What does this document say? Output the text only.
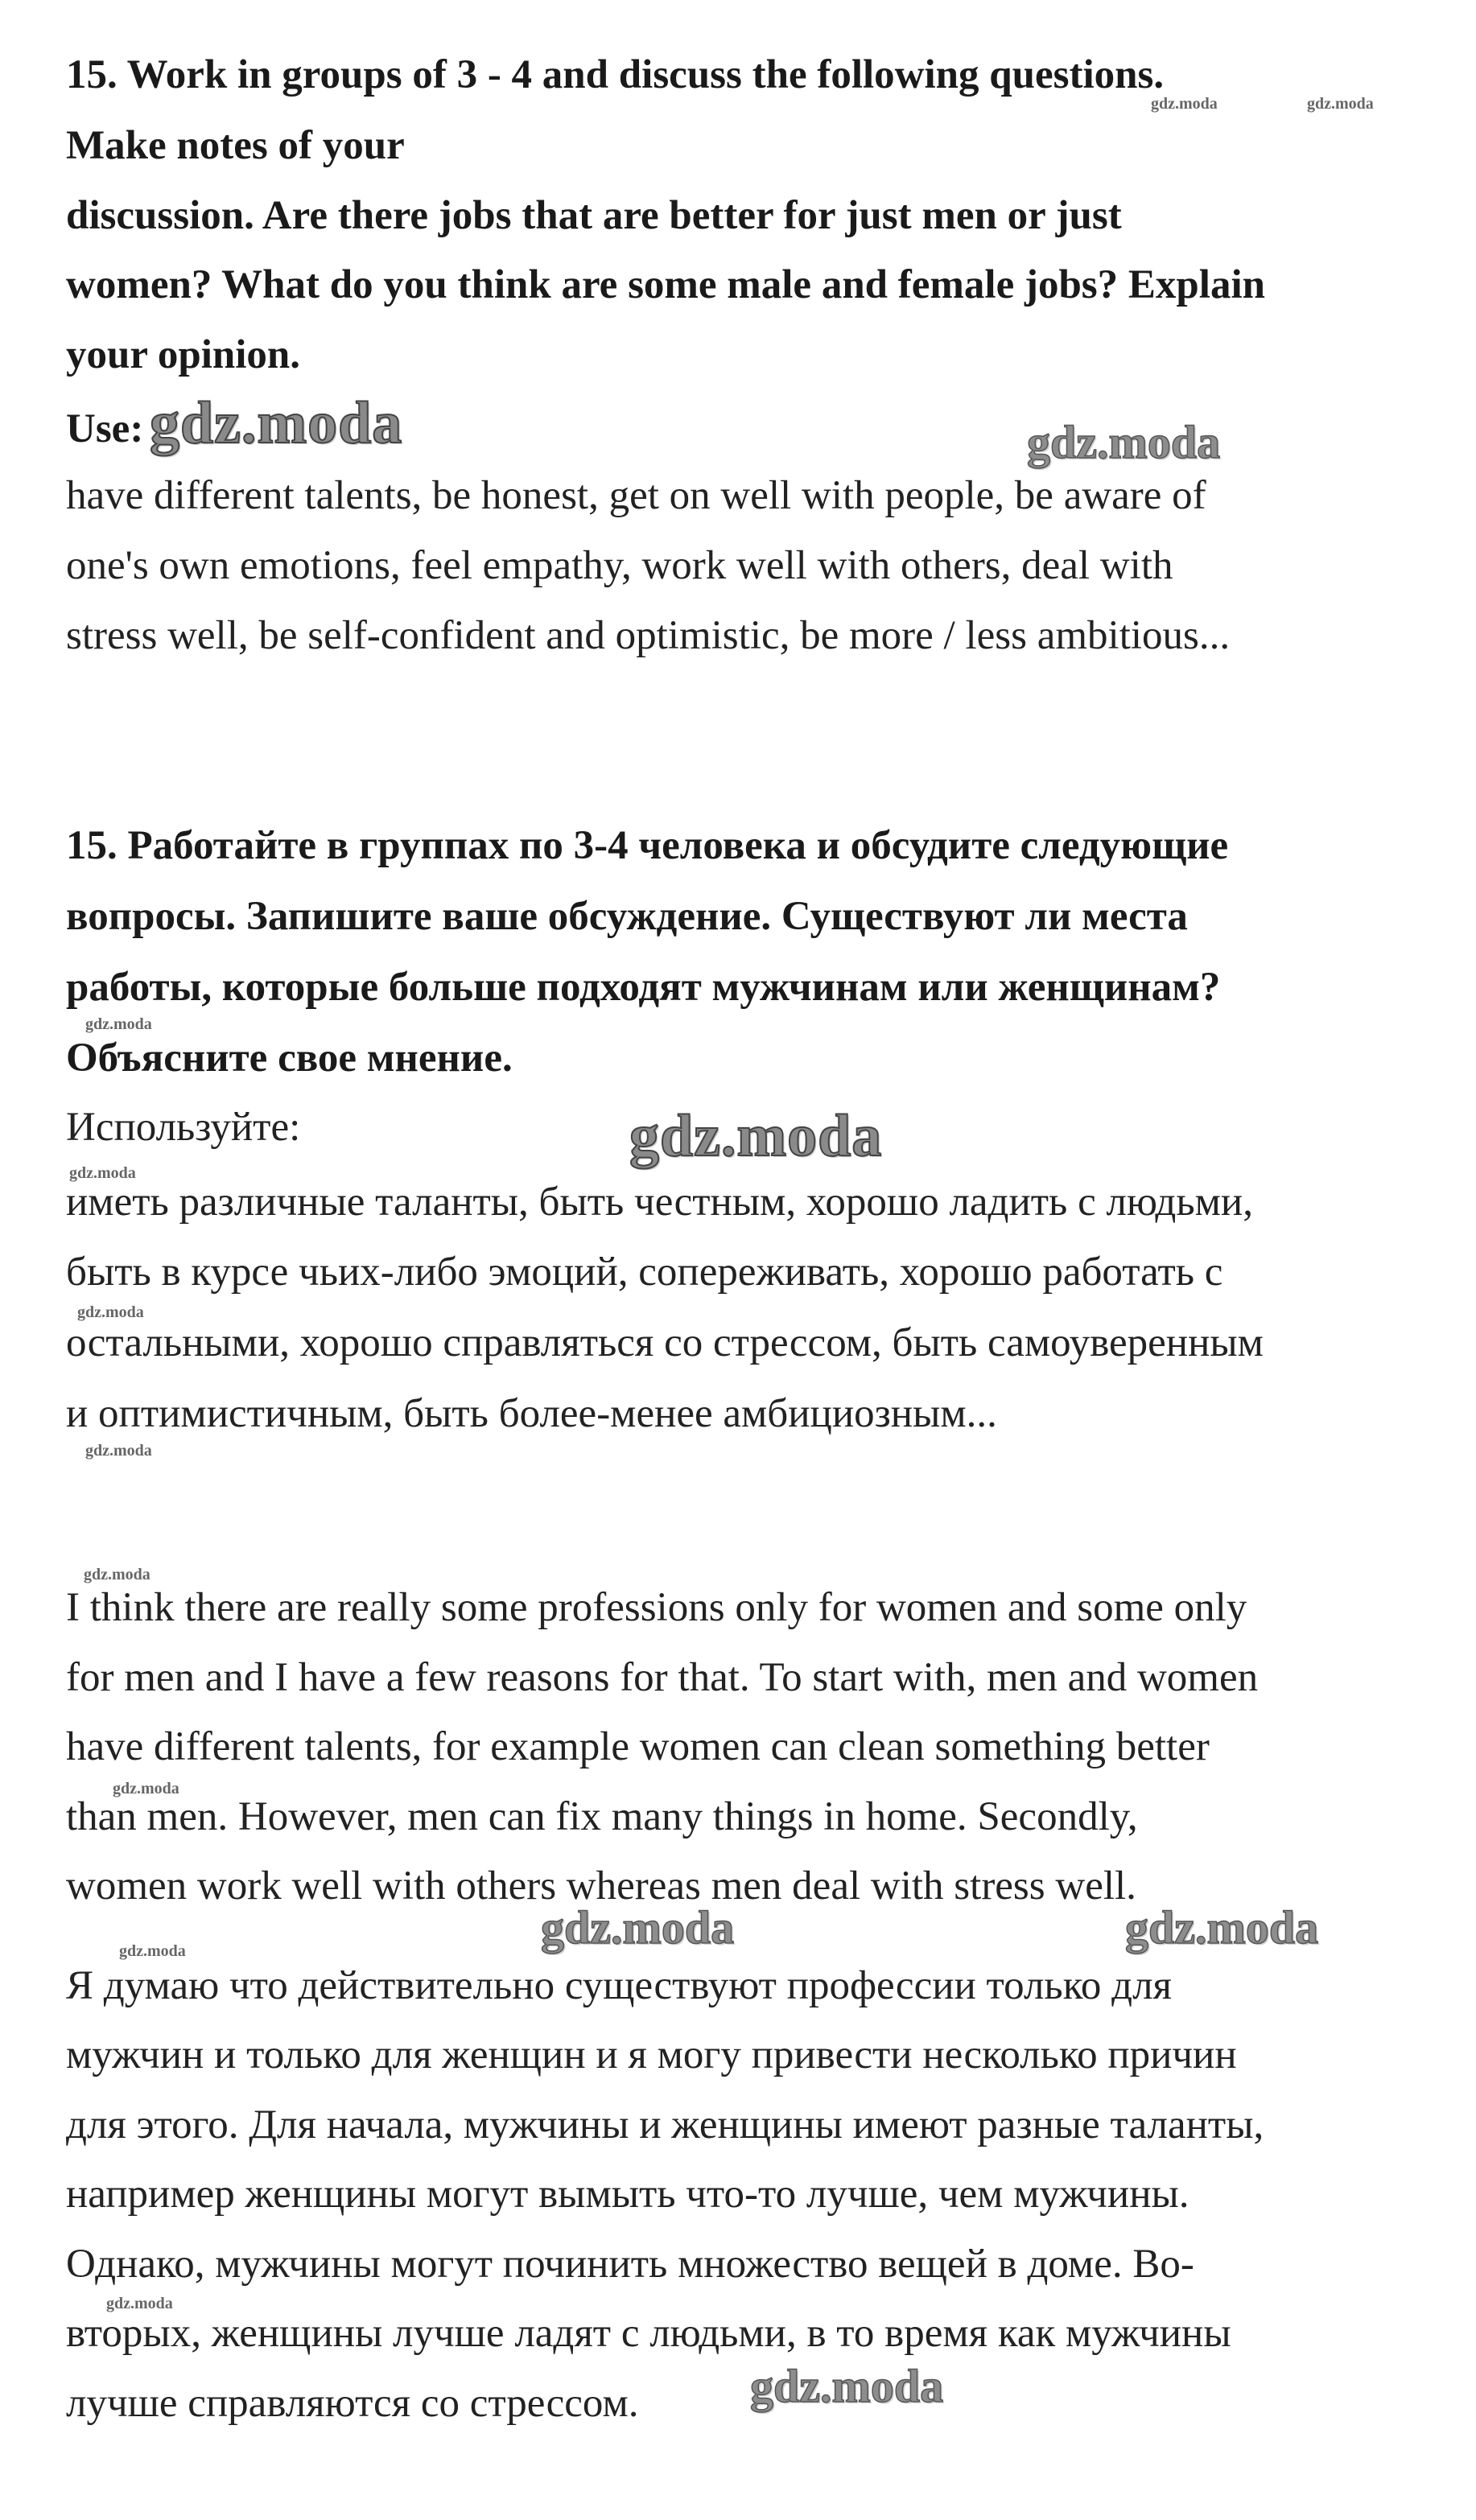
15. Work in groups of 3 - 4 and discuss the following questions.
Make notes of your
discussion. Are there jobs that are better for just men or just
women? What do you think are some male and female jobs? Explain
your opinion.
Use:
have different talents, be honest, get on well with people, be aware of
one's own emotions, feel empathy, work well with others, deal with
stress well, be self-confident and optimistic, be more / less ambitious...
15. Работайте в группах по 3-4 человека и обсудите следующие
вопросы. Запишите ваше обсуждение. Существуют ли места
работы, которые больше подходят мужчинам или женщинам?
Объясните свое мнение.
Используйте:
иметь различные таланты, быть честным, хорошо ладить с людьми,
быть в курсе чьих-либо эмоций, сопереживать, хорошо работать с
остальными, хорошо справляться со стрессом, быть самоуверенным
и оптимистичным, быть более-менее амбициозным...
I think there are really some professions only for women and some only
for men and I have a few reasons for that. To start with, men and women
have different talents, for example women can clean something better
than men. However, men can fix many things in home. Secondly,
women work well with others whereas men deal with stress well.
Я думаю что действительно существуют профессии только для
мужчин и только для женщин и я могу привести несколько причин
для этого. Для начала, мужчины и женщины имеют разные таланты,
например женщины могут вымыть что-то лучше, чем мужчины.
Однако, мужчины могут починить множество вещей в доме. Во-
вторых, женщины лучше ладят с людьми, в то время как мужчины
лучше справляются со стрессом.
gdz.moda	gdz.moda
gdz.moda	gdz.moda
gdz.moda
gdz.moda
gdz.moda
gdz.moda
gdz.moda
gdz.moda
gdz.moda
gdz.moda	gdz.moda
gdz.moda
gdz.moda
gdz.moda
